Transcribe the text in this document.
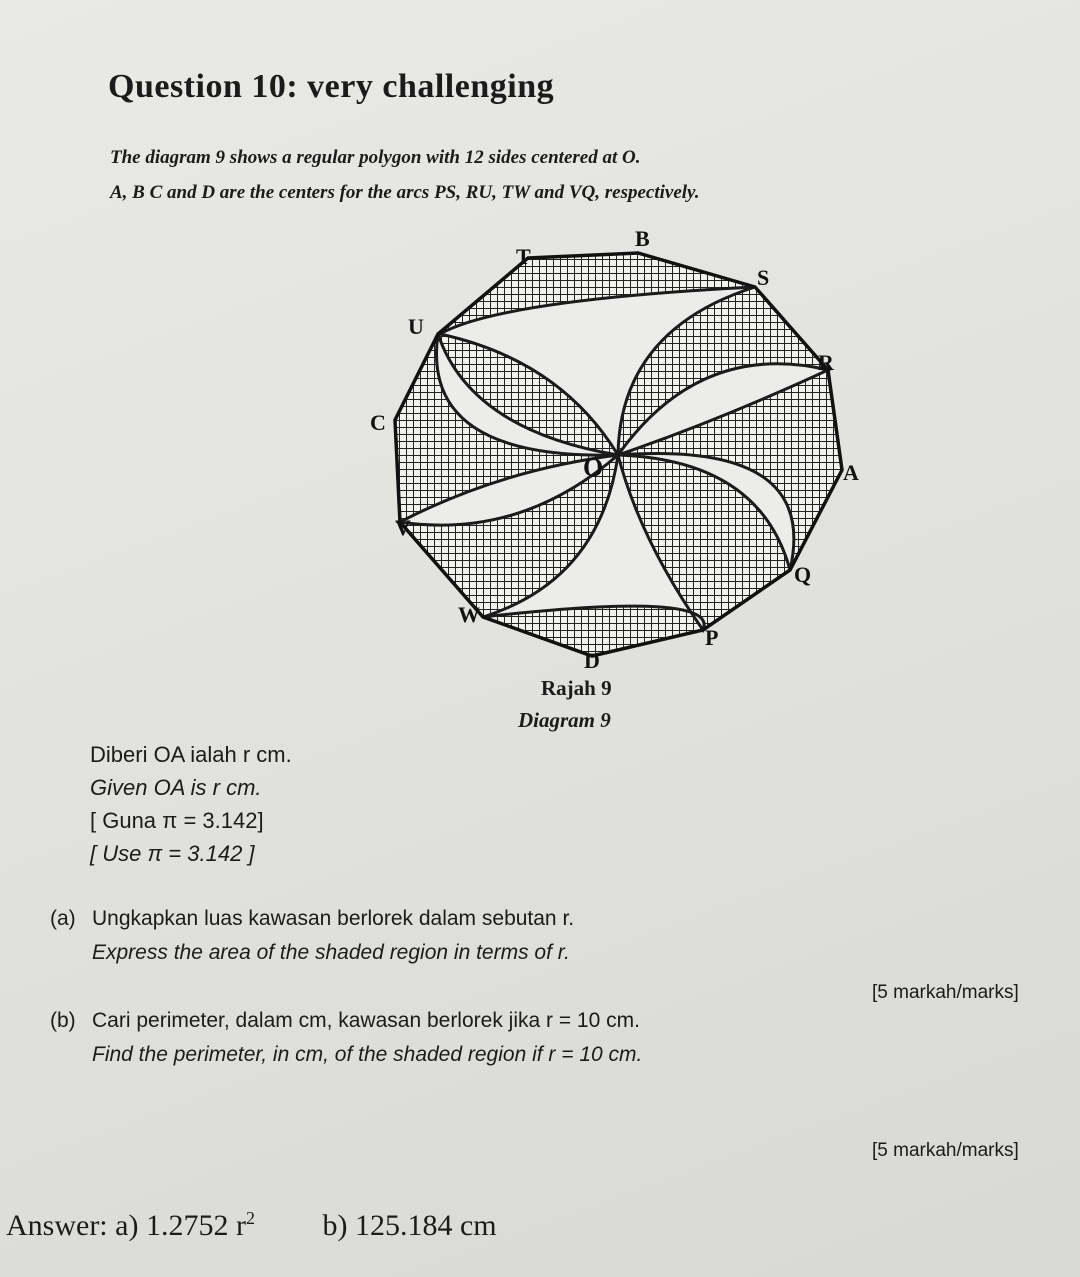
Question 10: very challenging
The diagram 9 shows a regular polygon with 12 sides centered at O.
A, B C and D are the centers for the arcs PS, RU, TW and VQ, respectively.
B
T
S
U
R
C
O	A
V
Q
W
P
D
Rajah 9
Diagram 9
Diberi OA ialah r cm.
Given OA is r cm.
[ Guna π = 3.142]
[ Use π = 3.142 ]
(a) Ungkapkan luas kawasan berlorek dalam sebutan r.
Express the area of the shaded region in terms of r.
[5 markah/marks]
(b) Cari perimeter, dalam cm, kawasan berlorek jika r = 10 cm.
Find the perimeter, in cm, of the shaded region if r = 10 cm.
[5 markah/marks]
Answer: a) 1.2752 $r^2$ b) 125.184 cm
